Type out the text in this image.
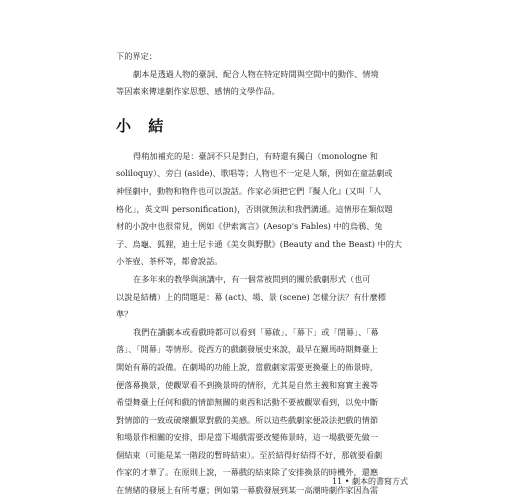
下的界定：

劇本是透過人物的臺詞、配合人物在特定時間與空間中的動作、情境

等因素來傳達劇作家思想、感情的文學作品。

小 結

得稍加補充的是：臺詞不只是對白，有時還有獨白（monologne 和

soliloquy）、旁白 (aside)、歌唱等；人物也不一定是人類，例如在童話劇或

神怪劇中，動物和物件也可以說話。作家必須把它們『擬人化』(又叫「人

格化」，英文叫 personification)，否則就無法和我們溝通。這情形在類似題

材的小說中也很常見，例如《伊索寓言》(Aesop's Fables) 中的烏鴉、兔

子、烏龜、狐狸，迪士尼卡通《美女與野獸》(Beauty and the Beast) 中的大

小茶壺、茶杯等，都會說話。

在多年來的教學與演講中，有一個常被問到的關於戲劇形式（也可

以說是結構）上的問題是：幕 (act)、場、景 (scene) 怎樣分法？有什麼標

準？

我們在讀劇本或看戲時都可以看到「幕啟」、「幕下」或「閉幕」、「幕

落」、「開幕」等情形。從西方的戲劇發展史來說，最早在羅馬時期舞臺上

開始有幕的設備。在劇場的功能上說，當戲劇家需要更換臺上的佈景時，

便落幕換景，使觀眾看不到換景時的情形，尤其是自然主義和寫實主義等

希望舞臺上任何和戲的情節無關的東西和活動不要被觀眾看到，以免中斷

對情節的一致或破壞觀眾對戲的美感。所以這些戲劇家便設法把戲的情節

和場景作相關的安排，即是當下場戲需要改變佈景時，這一場戲要先做一

個結束（可能是某一階段的暫時結束）。至於結得好結得不好，那就要看劇

作家的才華了。在原則上說，一幕戲的結束除了安排換景的時機外，還應

在情緒的發展上有所考慮；例如第一幕戲發展到某一高潮時劇作家因為需

11 • 劇本的書寫方式
